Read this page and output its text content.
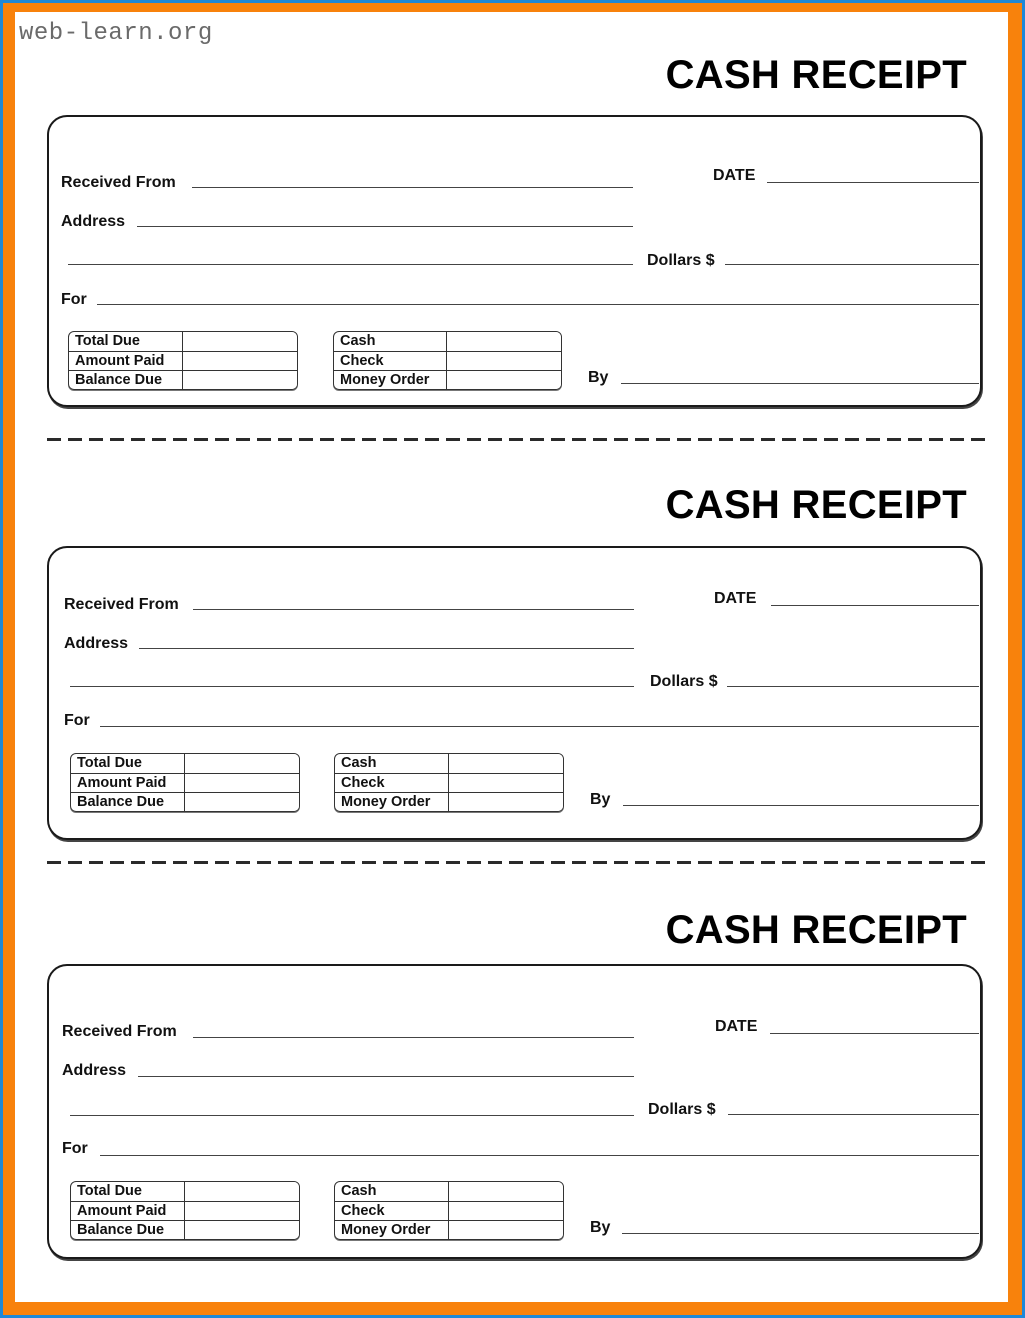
web-learn.org
CASH RECEIPT
Received From	DATE
Address
Dollars $
For
Total Due
Amount Paid
Balance Due
Cash
Check
Money Order	By
CASH RECEIPT
Received From	DATE
Address
Dollars $
For
Total Due
Amount Paid
Balance Due
Cash
Check
Money Order	By
CASH RECEIPT
Received From	DATE
Address
Dollars $
For
Total Due
Amount Paid
Balance Due
Cash
Check
Money Order	By
